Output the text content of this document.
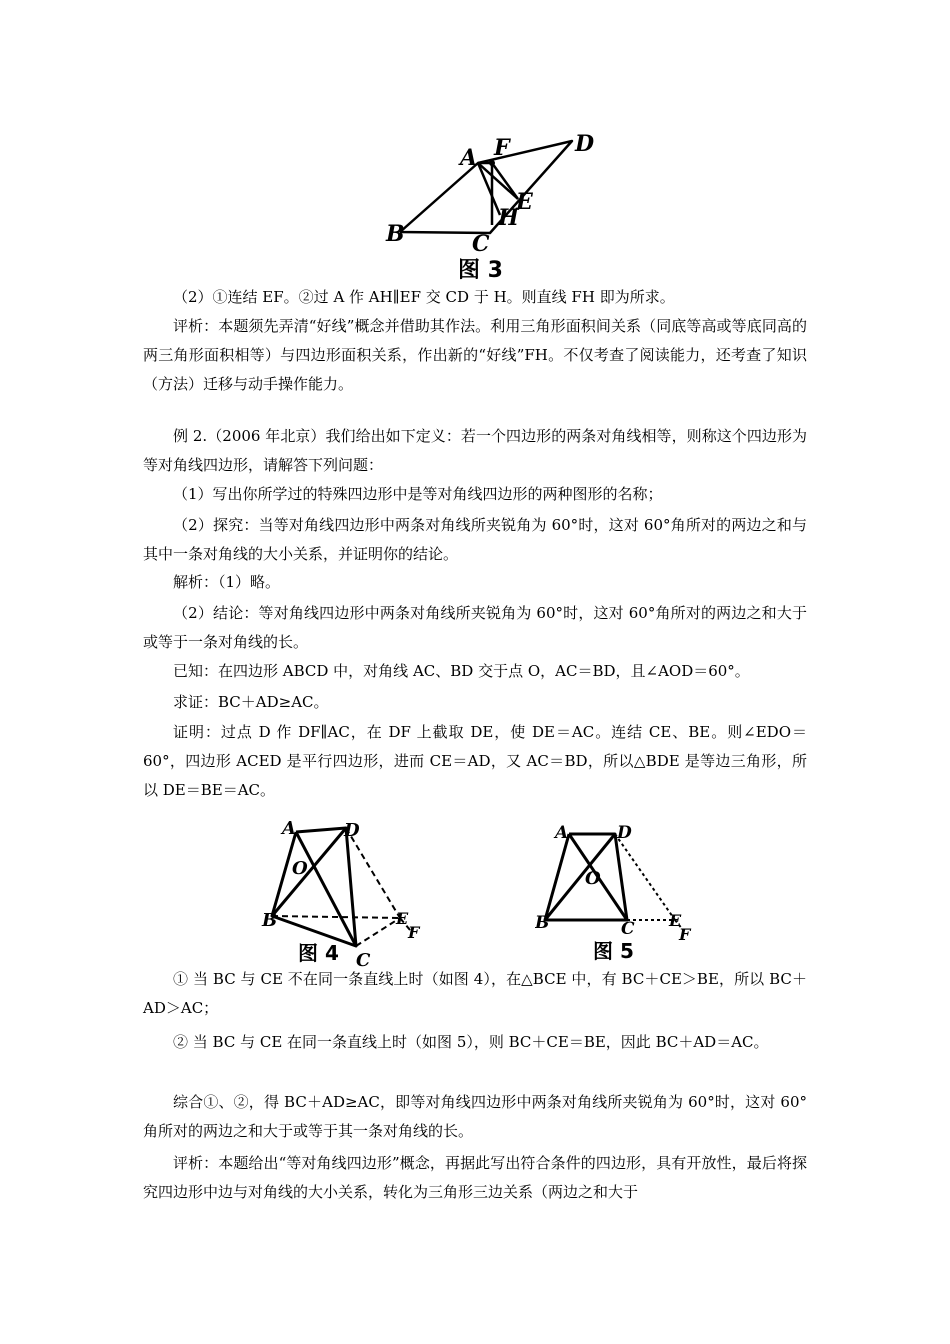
A F	D
E
H
B	C
图 3

（2）①连结 EF。②过 A 作 AH∥EF 交 CD 于 H。则直线 FH 即为所求。

评析：本题须先弄清“好线”概念并借助其作法。利用三角形面积间关系（同底等高或等底同高的两三角形面积相等）与四边形面积关系，作出新的“好线”FH。不仅考查了阅读能力，还考查了知识（方法）迁移与动手操作能力。

例 2.（2006 年北京）我们给出如下定义：若一个四边形的两条对角线相等，则称这个四边形为等对角线四边形，请解答下列问题：

（1）写出你所学过的特殊四边形中是等对角线四边形的两种图形的名称；

（2）探究：当等对角线四边形中两条对角线所夹锐角为 60°时，这对 60°角所对的两边之和与其中一条对角线的大小关系，并证明你的结论。

解析：（1）略。

（2）结论：等对角线四边形中两条对角线所夹锐角为 60°时，这对 60°角所对的两边之和大于或等于一条对角线的长。

已知：在四边形 ABCD 中，对角线 AC、BD 交于点 O，AC＝BD，且∠AOD＝60°。

求证：BC＋AD≥AC。

证明：过点 D 作 DF∥AC，在 DF 上截取 DE，使 DE＝AC。连结 CE、BE。则∠EDO＝60°，四边形 ACED 是平行四边形，进而 CE＝AD，又 AC＝BD，所以△BDE 是等边三角形，所以 DE＝BE＝AC。

A	D
O
B
C
E
F
图 4
A	D
O
B	C E
F
图 5

① 当 BC 与 CE 不在同一条直线上时（如图 4），在△BCE 中，有 BC＋CE＞BE，所以 BC＋AD＞AC；

② 当 BC 与 CE 在同一条直线上时（如图 5），则 BC＋CE＝BE，因此 BC＋AD＝AC。

综合①、②，得 BC＋AD≥AC，即等对角线四边形中两条对角线所夹锐角为 60°时，这对 60°角所对的两边之和大于或等于其一条对角线的长。

评析：本题给出“等对角线四边形”概念，再据此写出符合条件的四边形，具有开放性，最后将探究四边形中边与对角线的大小关系，转化为三角形三边关系（两边之和大于
